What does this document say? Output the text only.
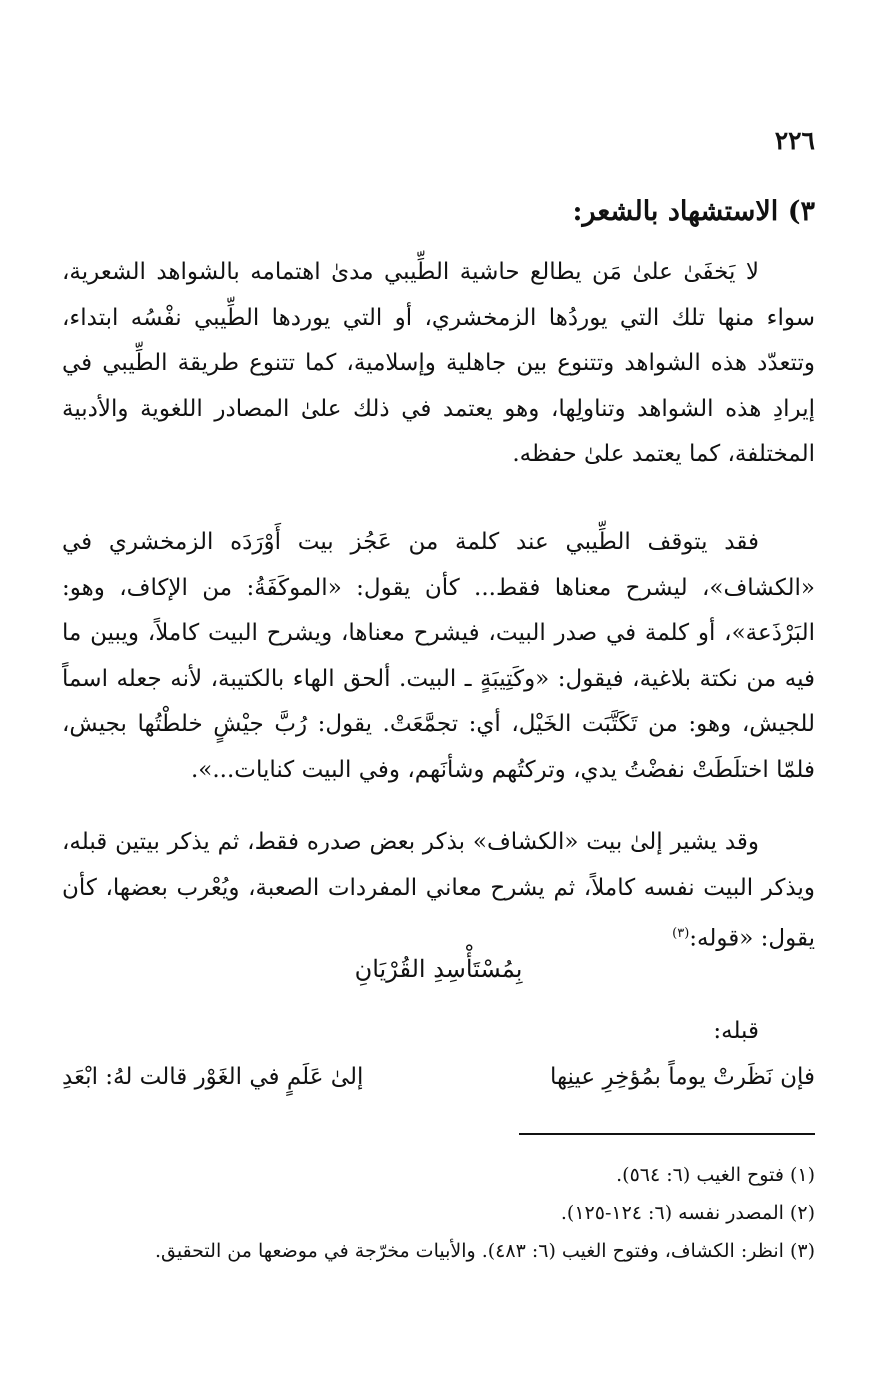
٢٢٦
٣) الاستشهاد بالشعر:

لا يَخفَىٰ علىٰ مَن يطالع حاشية الطِّيبي مدىٰ اهتمامه بالشواهد الشعرية، سواء منها تلك التي يوردُها الزمخشري، أو التي يوردها الطِّيبي نفْسُه ابتداء، وتتعدّد هذه الشواهد وتتنوع بين جاهلية وإسلامية، كما تتنوع طريقة الطِّيبي في إيرادِ هذه الشواهد وتناولِها، وهو يعتمد في ذلك علىٰ المصادر اللغوية والأدبية المختلفة، كما يعتمد علىٰ حفظه.

فقد يتوقف الطِّيبي عند كلمة من عَجُز بيت أَوْرَدَه الزمخشري في «الكشاف»، ليشرح معناها فقط... كأن يقول: «الموكَفَةُ: من الإكاف، وهو: البَرْذَعة»، أو كلمة في صدر البيت، فيشرح معناها، ويشرح البيت كاملاً، ويبين ما فيه من نكتة بلاغية، فيقول: «وكَتِيبَةٍ ـ البيت. ألحق الهاء بالكتيبة، لأنه جعله اسماً للجيش، وهو: من تَكَتَّبَت الخَيْل، أي: تجمَّعَتْ. يقول: رُبَّ جيْشٍ خلطْتُها بجيش، فلمّا اختلَطَتْ نفضْتُ يدي، وتركتُهم وشأنَهم، وفي البيت كنايات...».

وقد يشير إلىٰ بيت «الكشاف» بذكر بعض صدره فقط، ثم يذكر بيتين قبله، ويذكر البيت نفسه كاملاً، ثم يشرح معاني المفردات الصعبة، ويُعْرب بعضها، كأن يقول: «قوله:$^{(٣)}$

بِمُسْتَأْسِدِ القُرْيَانِ
قبله:
فإن نَظَرتْ يوماً بمُؤخِرِ عينِها
إلىٰ عَلَمٍ في الغَوْر قالت لهُ: ابْعَدِ
(١) فتوح الغيب (٦: ٥٦٤).
(٢) المصدر نفسه (٦: ١٢٤-١٢٥).
(٣) انظر: الكشاف، وفتوح الغيب (٦: ٤٨٣). والأبيات مخرّجة في موضعها من التحقيق.
